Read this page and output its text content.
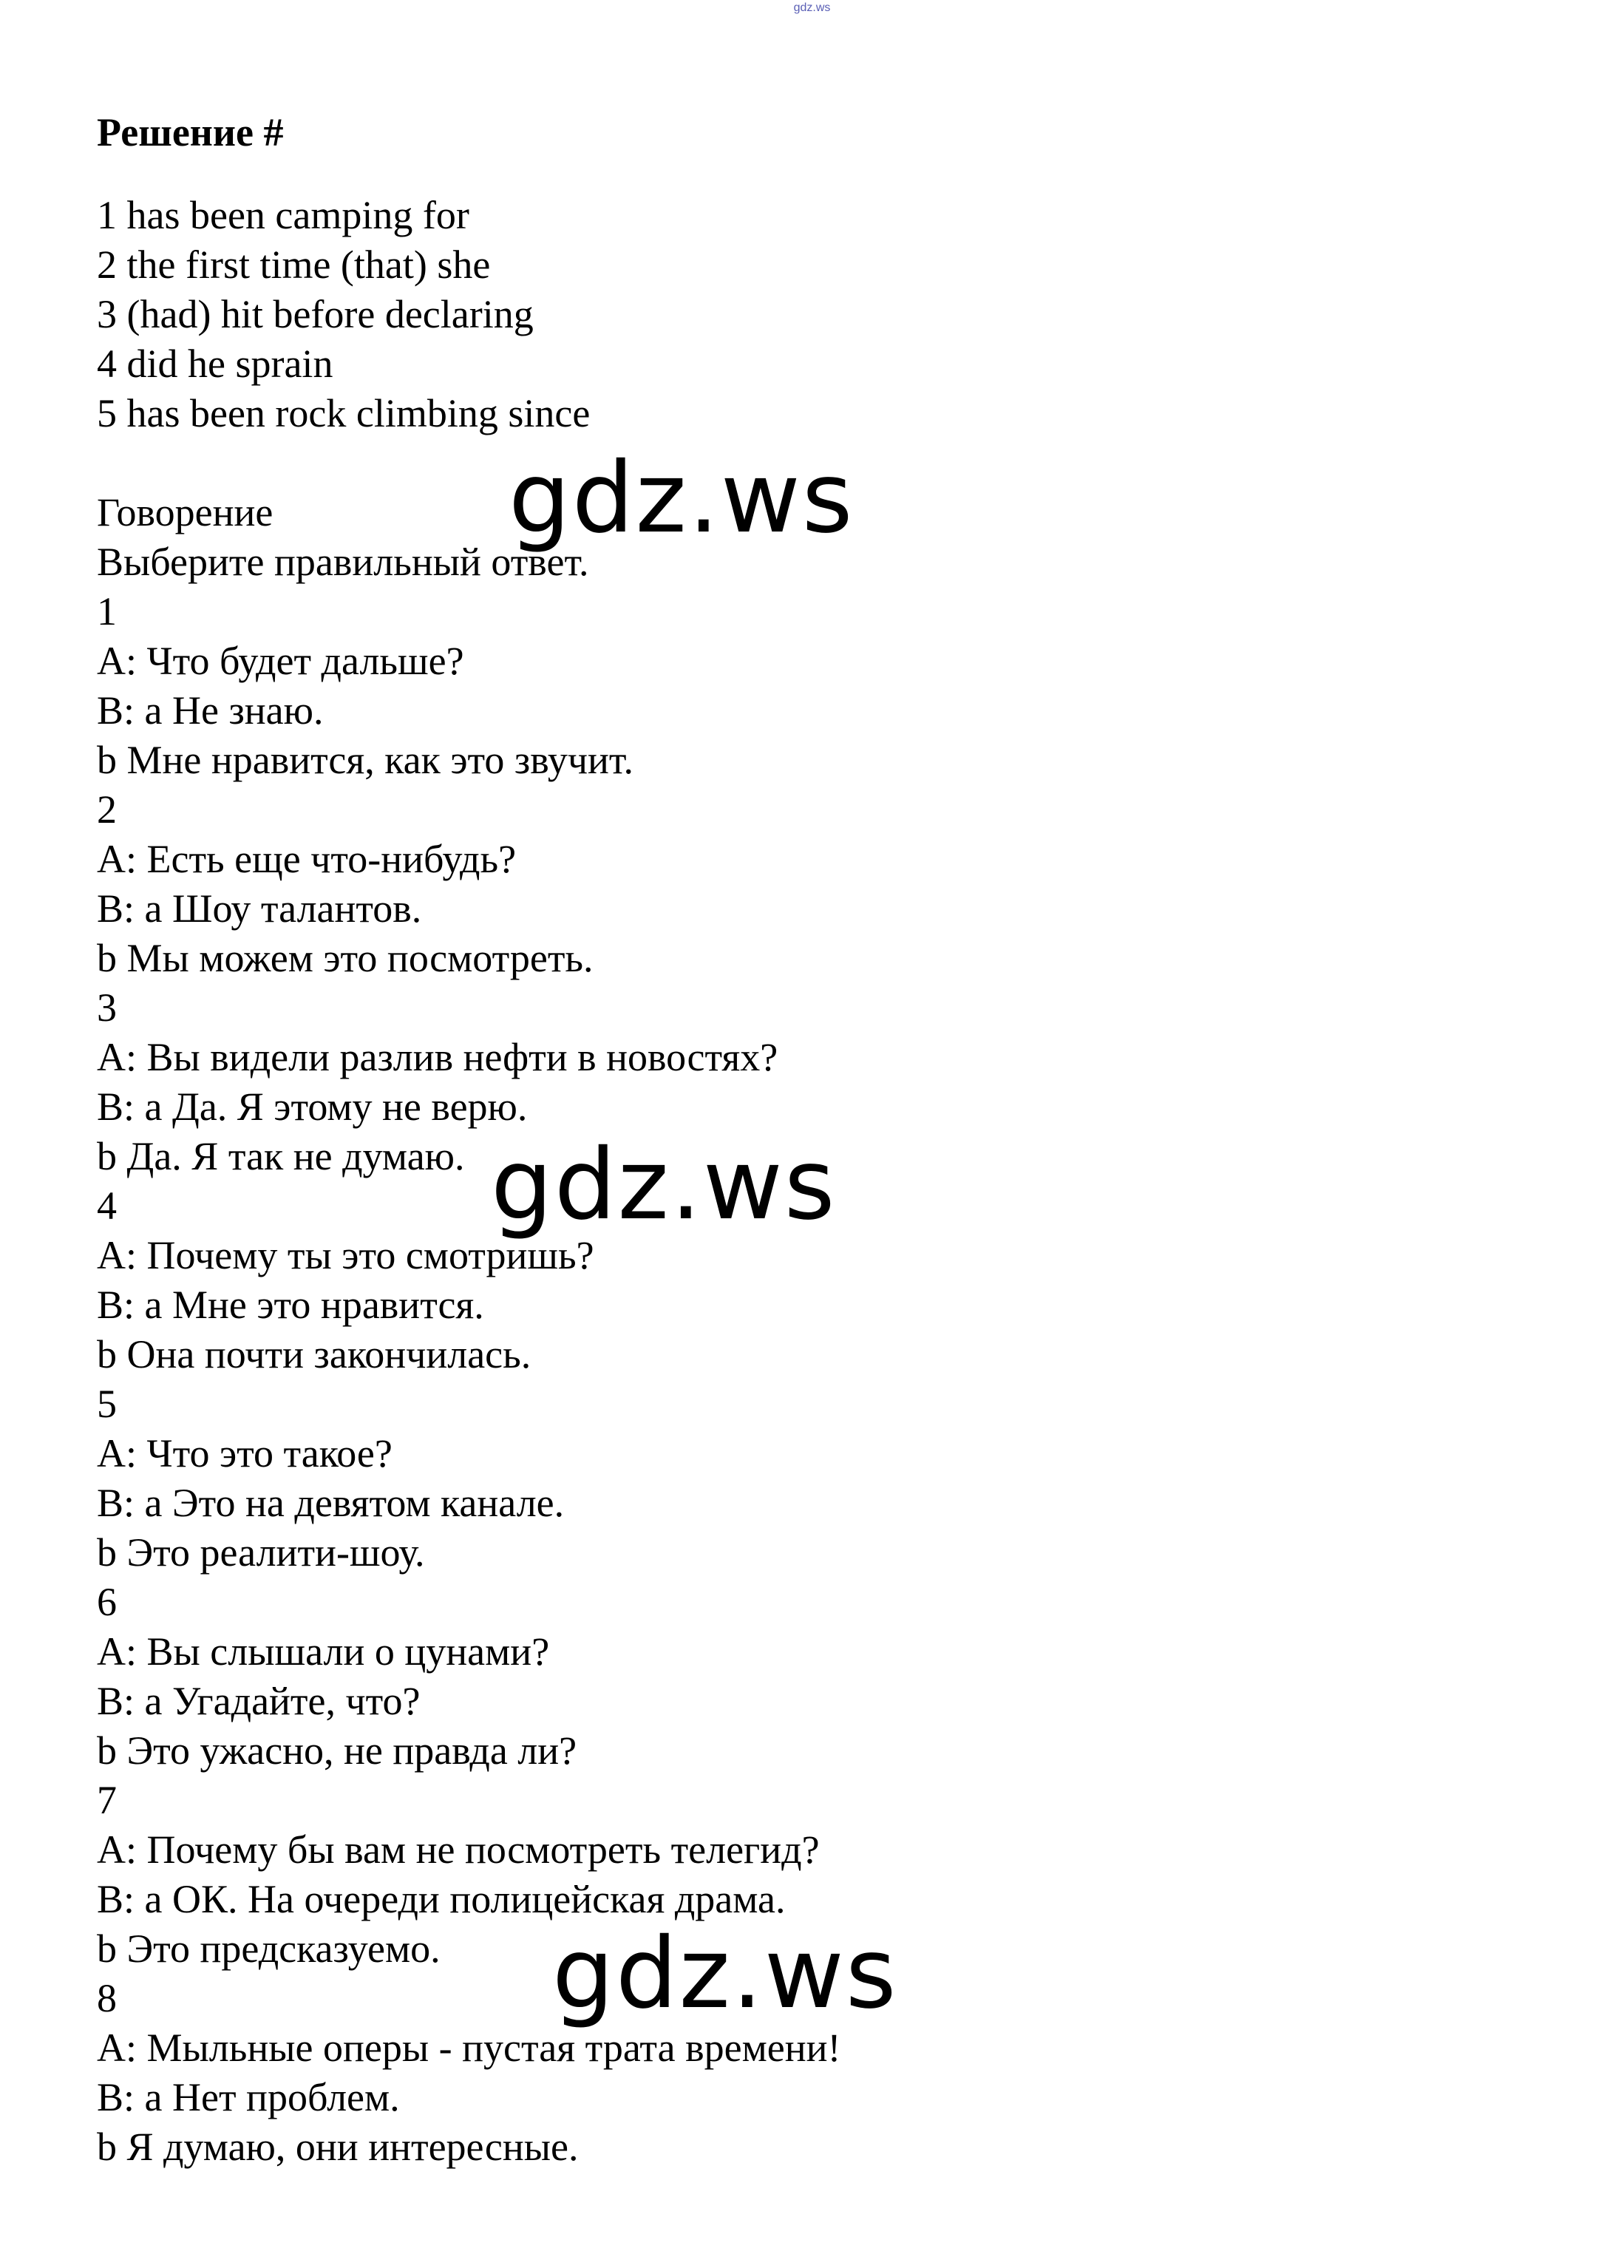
gdz.ws
Решение #
1 has been camping for
2 the first time (that) she
3 (had) hit before declaring
4 did he sprain
5 has been rock climbing since
Говорение
Выберите правильный ответ.
1
A: Что будет дальше?
B: а Не знаю.
b Мне нравится, как это звучит.
2
A: Есть еще что-нибудь?
B: а Шоу талантов.
b Мы можем это посмотреть.
3
A: Вы видели разлив нефти в новостях?
B: а Да. Я этому не верю.
b Да. Я так не думаю.
4
A: Почему ты это смотришь?
B: а Мне это нравится.
b Она почти закончилась.
5
A: Что это такое?
B: а Это на девятом канале.
b Это реалити-шоу.
6
A: Вы слышали о цунами?
B: а Угадайте, что?
b Это ужасно, не правда ли?
7
A: Почему бы вам не посмотреть телегид?
B: а ОК. На очереди полицейская драма.
b Это предсказуемо.
8
A: Мыльные оперы - пустая трата времени!
B: а Нет проблем.
b Я думаю, они интересные.
gdz.ws
gdz.ws
gdz.ws
